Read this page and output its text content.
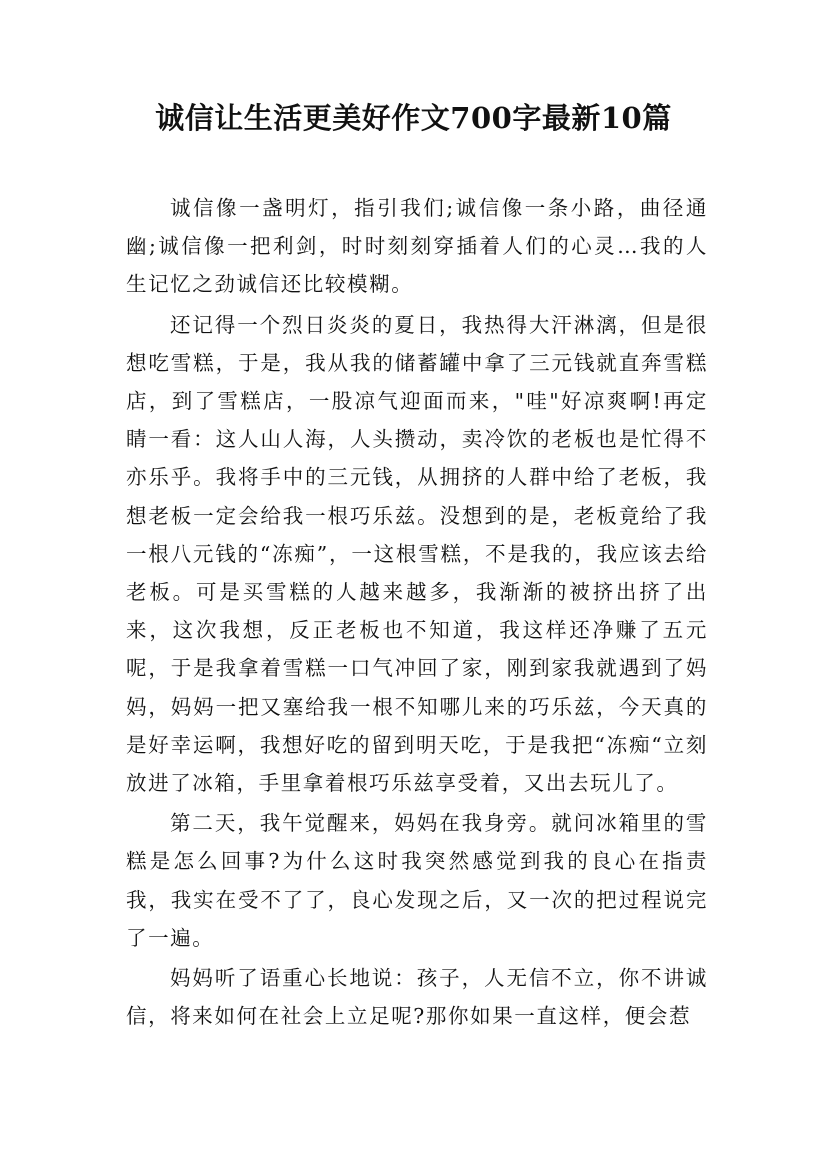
诚信让生活更美好作文700字最新10篇

诚信像一盏明灯，指引我们;诚信像一条小路，曲径通幽;诚信像一把利剑，时时刻刻穿插着人们的心灵…我的人生记忆之劲诚信还比较模糊。

还记得一个烈日炎炎的夏日，我热得大汗淋漓，但是很想吃雪糕，于是，我从我的储蓄罐中拿了三元钱就直奔雪糕店，到了雪糕店，一股凉气迎面而来，"哇"好凉爽啊!再定睛一看：这人山人海，人头攒动，卖冷饮的老板也是忙得不亦乐乎。我将手中的三元钱，从拥挤的人群中给了老板，我想老板一定会给我一根巧乐兹。没想到的是，老板竟给了我一根八元钱的“冻痴”，一这根雪糕，不是我的，我应该去给老板。可是买雪糕的人越来越多，我渐渐的被挤出挤了出来，这次我想，反正老板也不知道，我这样还净赚了五元呢，于是我拿着雪糕一口气冲回了家，刚到家我就遇到了妈妈，妈妈一把又塞给我一根不知哪儿来的巧乐兹，今天真的是好幸运啊，我想好吃的留到明天吃，于是我把“冻痴“立刻放进了冰箱，手里拿着根巧乐兹享受着，又出去玩儿了。

第二天，我午觉醒来，妈妈在我身旁。就问冰箱里的雪糕是怎么回事?为什么这时我突然感觉到我的良心在指责我，我实在受不了了，良心发现之后，又一次的把过程说完了一遍。

妈妈听了语重心长地说：孩子，人无信不立，你不讲诚信，将来如何在社会上立足呢?那你如果一直这样，便会惹
